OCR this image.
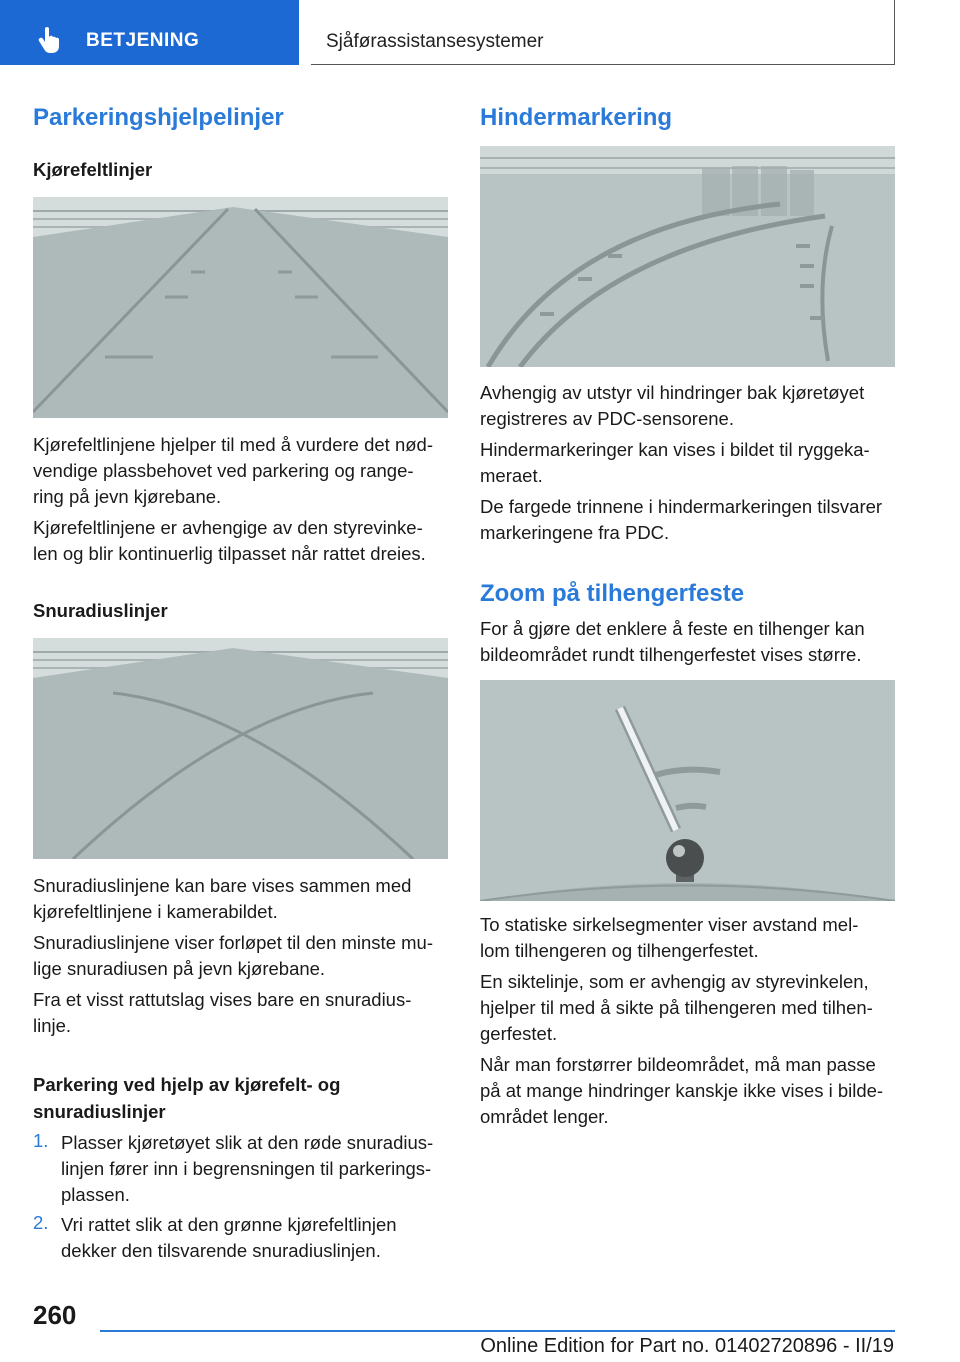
BETJENING	Sjåførassistansesystemer
Parkeringshjelpelinjer
Kjørefeltlinjer
Kjørefeltlinjene hjelper til med å vurdere det nød-
vendige plassbehovet ved parkering og range-
ring på jevn kjørebane.
Kjørefeltlinjene er avhengige av den styrevinke-
len og blir kontinuerlig tilpasset når rattet dreies.
Snuradiuslinjer
Snuradiuslinjene kan bare vises sammen med
kjørefeltlinjene i kamerabildet.
Snuradiuslinjene viser forløpet til den minste mu-
lige snuradiusen på jevn kjørebane.
Fra et visst rattutslag vises bare en snuradius-
linje.
Parkering ved hjelp av kjørefelt- og
snuradiuslinjer
1. Plasser kjøretøyet slik at den røde snuradius-
linjen fører inn i begrensningen til parkerings-
plassen.
2. Vri rattet slik at den grønne kjørefeltlinjen
dekker den tilsvarende snuradiuslinjen.
Hindermarkering
Avhengig av utstyr vil hindringer bak kjøretøyet
registreres av PDC-sensorene.
Hindermarkeringer kan vises i bildet til ryggeka-
meraet.
De fargede trinnene i hindermarkeringen tilsvarer
markeringene fra PDC.
Zoom på tilhengerfeste
For å gjøre det enklere å feste en tilhenger kan
bildeområdet rundt tilhengerfestet vises større.
To statiske sirkelsegmenter viser avstand mel-
lom tilhengeren og tilhengerfestet.
En siktelinje, som er avhengig av styrevinkelen,
hjelper til med å sikte på tilhengeren med tilhen-
gerfestet.
Når man forstørrer bildeområdet, må man passe
på at mange hindringer kanskje ikke vises i bilde-
området lenger.
260
Online Edition for Part no. 01402720896 - II/19
